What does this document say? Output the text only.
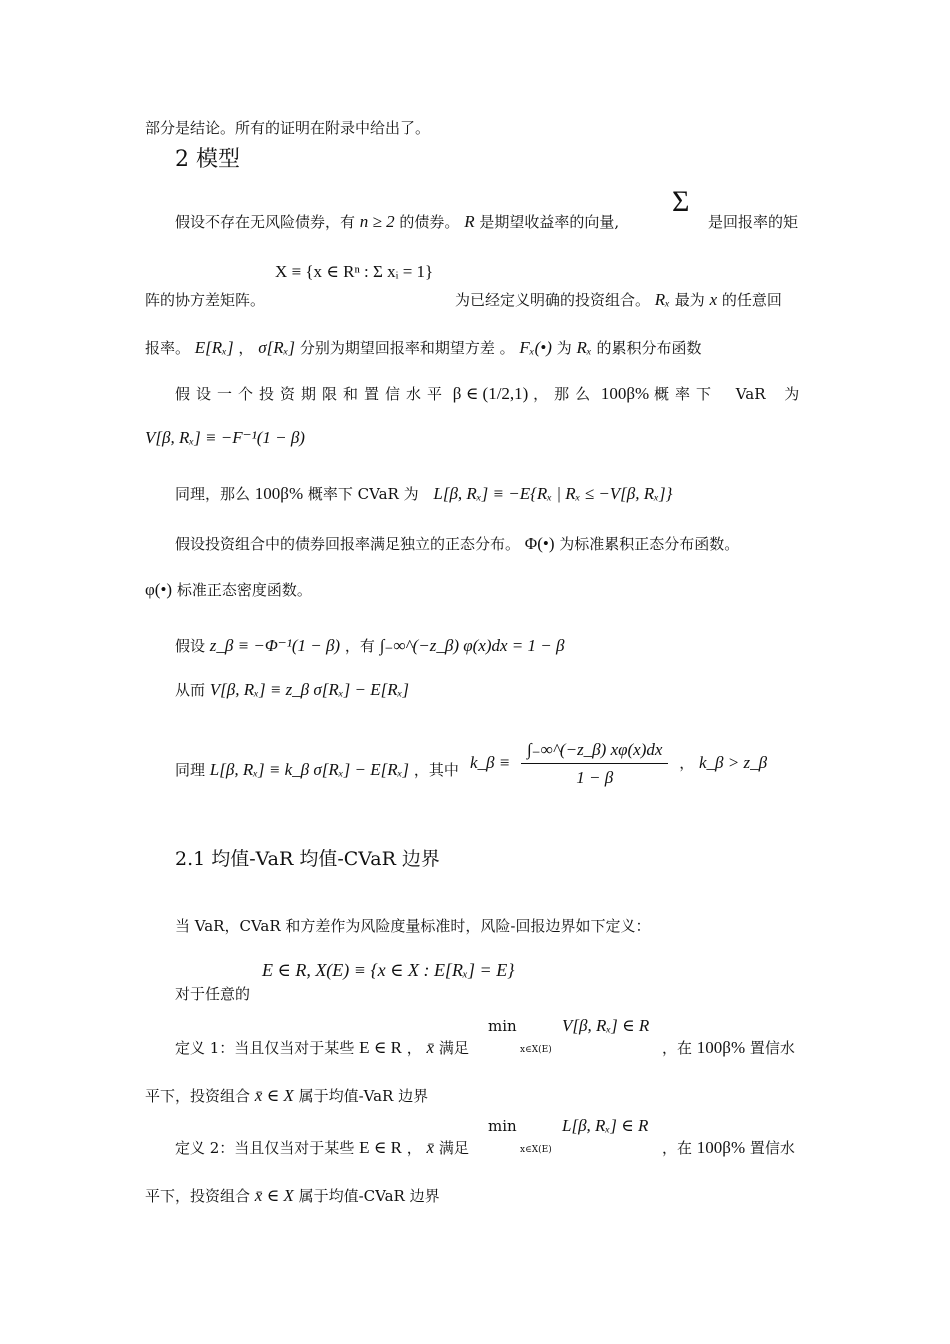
部分是结论。所有的证明在附录中给出了。
2 模型
假设不存在无风险债券，有 n ≥ 2 的债券。 R 是期望收益率的向量,
Σ
是回报率的矩
X ≡ {x ∈ Rⁿ : Σ xᵢ = 1}
阵的协方差矩阵。	为已经定义明确的投资组合。 Rₓ 最为 x 的任意回
报率。 E[Rₓ] ， σ[Rₓ] 分别为期望回报率和期望方差 。 Fₓ(•) 为 Rₓ 的累积分布函数
假设一个投资期限和置信水平 β ∈ (1/2,1) ，那么 100β% 概率下 VaR 为
V[β, Rₓ] ≡ −F⁻¹(1 − β)
同理，那么 100β% 概率下 CVaR 为 L[β, Rₓ] ≡ −E{Rₓ | Rₓ ≤ −V[β, Rₓ]}
假设投资组合中的债券回报率满足独立的正态分布。 Φ(•) 为标准累积正态分布函数。
φ(•) 标准正态密度函数。
假设 z_β ≡ −Φ⁻¹(1 − β) ，有 ∫₋∞^(−z_β) φ(x)dx = 1 − β
从而 V[β, Rₓ] ≡ z_β σ[Rₓ] − E[Rₓ]
同理 L[β, Rₓ] ≡ k_β σ[Rₓ] − E[Rₓ] ，其中 k_β ≡ $\frac{\int_-\infty\^{}(-z\_\beta) x\varphi(x)dx}{1 - \beta}$ ， k_β > z_β
2.1 均值-VaR 均值-CVaR 边界
当 VaR，CVaR 和方差作为风险度量标准时，风险-回报边界如下定义：
E ∈ R, X(E) ≡ {x ∈ X : E[Rₓ] = E}
对于任意的
min
x∈X(E)
定义 1：当且仅当对于某些 E ∈ R ， x̄ 满足
V[β, Rₓ] ∈ R
，在 100β% 置信水
平下，投资组合 x̄ ∈ X 属于均值-VaR 边界
min
x∈X(E)
定义 2：当且仅当对于某些 E ∈ R ， x̄ 满足
L[β, Rₓ] ∈ R
，在 100β% 置信水
平下，投资组合 x̄ ∈ X 属于均值-CVaR 边界
